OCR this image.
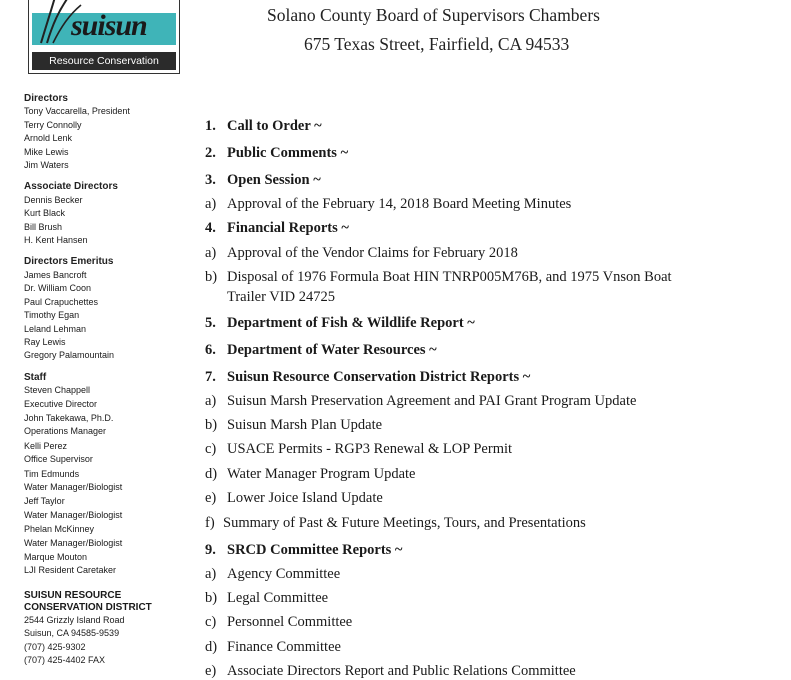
suisun
Resource Conservation District
Solano County Board of Supervisors Chambers
675 Texas Street, Fairfield, CA 94533
Directors
Tony Vaccarella, President
Terry Connolly
Arnold Lenk
Mike Lewis
Jim Waters
Associate Directors
Dennis Becker
Kurt Black
Bill Brush
H. Kent Hansen
Directors Emeritus
James Bancroft
Dr. William Coon
Paul Crapuchettes
Timothy Egan
Leland Lehman
Ray Lewis
Gregory Palamountain
Staff
Steven Chappell
Executive Director
John Takekawa, Ph.D.
Operations Manager
Kelli Perez
Office Supervisor
Tim Edmunds
Water Manager/Biologist
Jeff Taylor
Water Manager/Biologist
Phelan McKinney
Water Manager/Biologist
Marque Mouton
LJI Resident Caretaker
SUISUN RESOURCE
CONSERVATION DISTRICT
2544 Grizzly Island Road
Suisun, CA 94585-9539
(707) 425-9302
(707) 425-4402 FAX
1. Call to Order ~
2. Public Comments ~
3. Open Session ~
a) Approval of the February 14, 2018 Board Meeting Minutes
4. Financial Reports ~
a) Approval of the Vendor Claims for February 2018
b) Disposal of 1976 Formula Boat HIN TNRP005M76B, and 1975 Vnson Boat
Trailer VID 24725
5. Department of Fish & Wildlife Report ~
6. Department of Water Resources ~
7. Suisun Resource Conservation District Reports ~
a) Suisun Marsh Preservation Agreement and PAI Grant Program Update
b) Suisun Marsh Plan Update
c) USACE Permits - RGP3 Renewal & LOP Permit
d) Water Manager Program Update
e) Lower Joice Island Update
f) Summary of Past & Future Meetings, Tours, and Presentations
9. SRCD Committee Reports ~
a) Agency Committee
b) Legal Committee
c) Personnel Committee
d) Finance Committee
e) Associate Directors Report and Public Relations Committee
